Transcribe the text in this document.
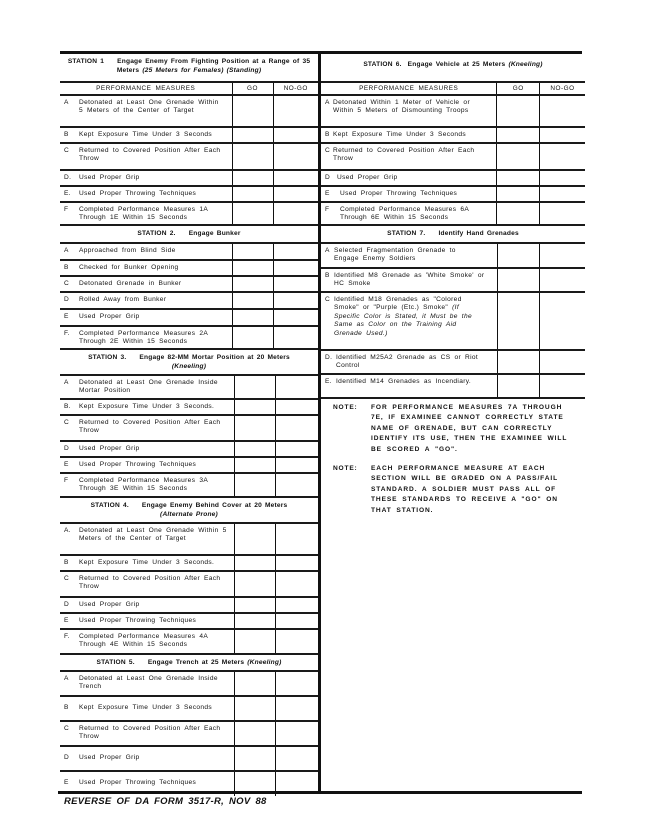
STATION 1 Engage Enemy From Fighting Position at a Range of 35 Meters (25 Meters for Females) (Standing)		
PERFORMANCE MEASURES	GO	NO-GO
A Detonated at Least One Grenade Within 5 Meters of the Center of Target		
B Kept Exposure Time Under 3 Seconds		
C Returned to Covered Position After Each Throw		
D. Used Proper Grip		
E. Used Proper Throwing Techniques		
F Completed Performance Measures 1A Through 1E Within 15 Seconds		
STATION 2. Engage Bunker		
A Approached from Blind Side		
B Checked for Bunker Opening		
C Detonated Grenade in Bunker		
D Rolled Away from Bunker		
E Used Proper Grip		
F. Completed Performance Measures 2A Through 2E Within 15 Seconds		
STATION 3. Engage 82-MM Mortar Position at 20 Meters
(Kneeling)		
A Detonated at Least One Grenade Inside Mortar Position		
B. Kept Exposure Time Under 3 Seconds.		
C Returned to Covered Position After Each Throw		
D Used Proper Grip		
E Used Proper Throwing Techniques		
F Completed Performance Measures 3A Through 3E Within 15 Seconds		
STATION 4. Engage Enemy Behind Cover at 20 Meters
(Alternate Prone)		
A. Detonated at Least One Grenade Within 5 Meters of the Center of Target		
B Kept Exposure Time Under 3 Seconds.		
C Returned to Covered Position After Each Throw		
D Used Proper Grip		
E Used Proper Throwing Techniques		
F. Completed Performance Measures 4A Through 4E Within 15 Seconds		
STATION 5. Engage Trench at 25 Meters (Kneeling)		
A Detonated at Least One Grenade Inside Trench		
B Kept Exposure Time Under 3 Seconds		
C Returned to Covered Position After Each Throw		
D Used Proper Grip		
E Used Proper Throwing Techniques		
STATION 6. Engage Vehicle at 25 Meters (Kneeling)		
PERFORMANCE MEASURES	GO	NO-GO
A Detonated Within 1 Meter of Vehicle or Within 5 Meters of Dismounting Troops		
B Kept Exposure Time Under 3 Seconds		
C Returned to Covered Position After Each Throw		
D Used Proper Grip		
E Used Proper Throwing Techniques		
F Completed Performance Measures 6A Through 6E Within 15 Seconds		
STATION 7. Identify Hand Grenades		
A Selected Fragmentation Grenade to Engage Enemy Soldiers		
B Identified M8 Grenade as 'White Smoke' or HC Smoke		
C Identified M18 Grenades as "Colored Smoke" or "Purple (Etc.) Smoke" (If Specific Color is Stated, it Must be the Same as Color on the Training Aid Grenade Used.)		
D. Identified M25A2 Grenade as CS or Riot Control		
E. Identified M14 Grenades as Incendiary.		
NOTE:	FOR PERFORMANCE MEASURES 7A THROUGH 7E, IF EXAMINEE CANNOT CORRECTLY STATE NAME OF GRENADE, BUT CAN CORRECTLY IDENTIFY ITS USE, THEN THE EXAMINEE WILL BE SCORED A "GO".
NOTE:	EACH PERFORMANCE MEASURE AT EACH SECTION WILL BE GRADED ON A PASS/FAIL STANDARD. A SOLDIER MUST PASS ALL OF THESE STANDARDS TO RECEIVE A "GO" ON THAT STATION.
REVERSE OF DA FORM 3517-R, NOV 88
